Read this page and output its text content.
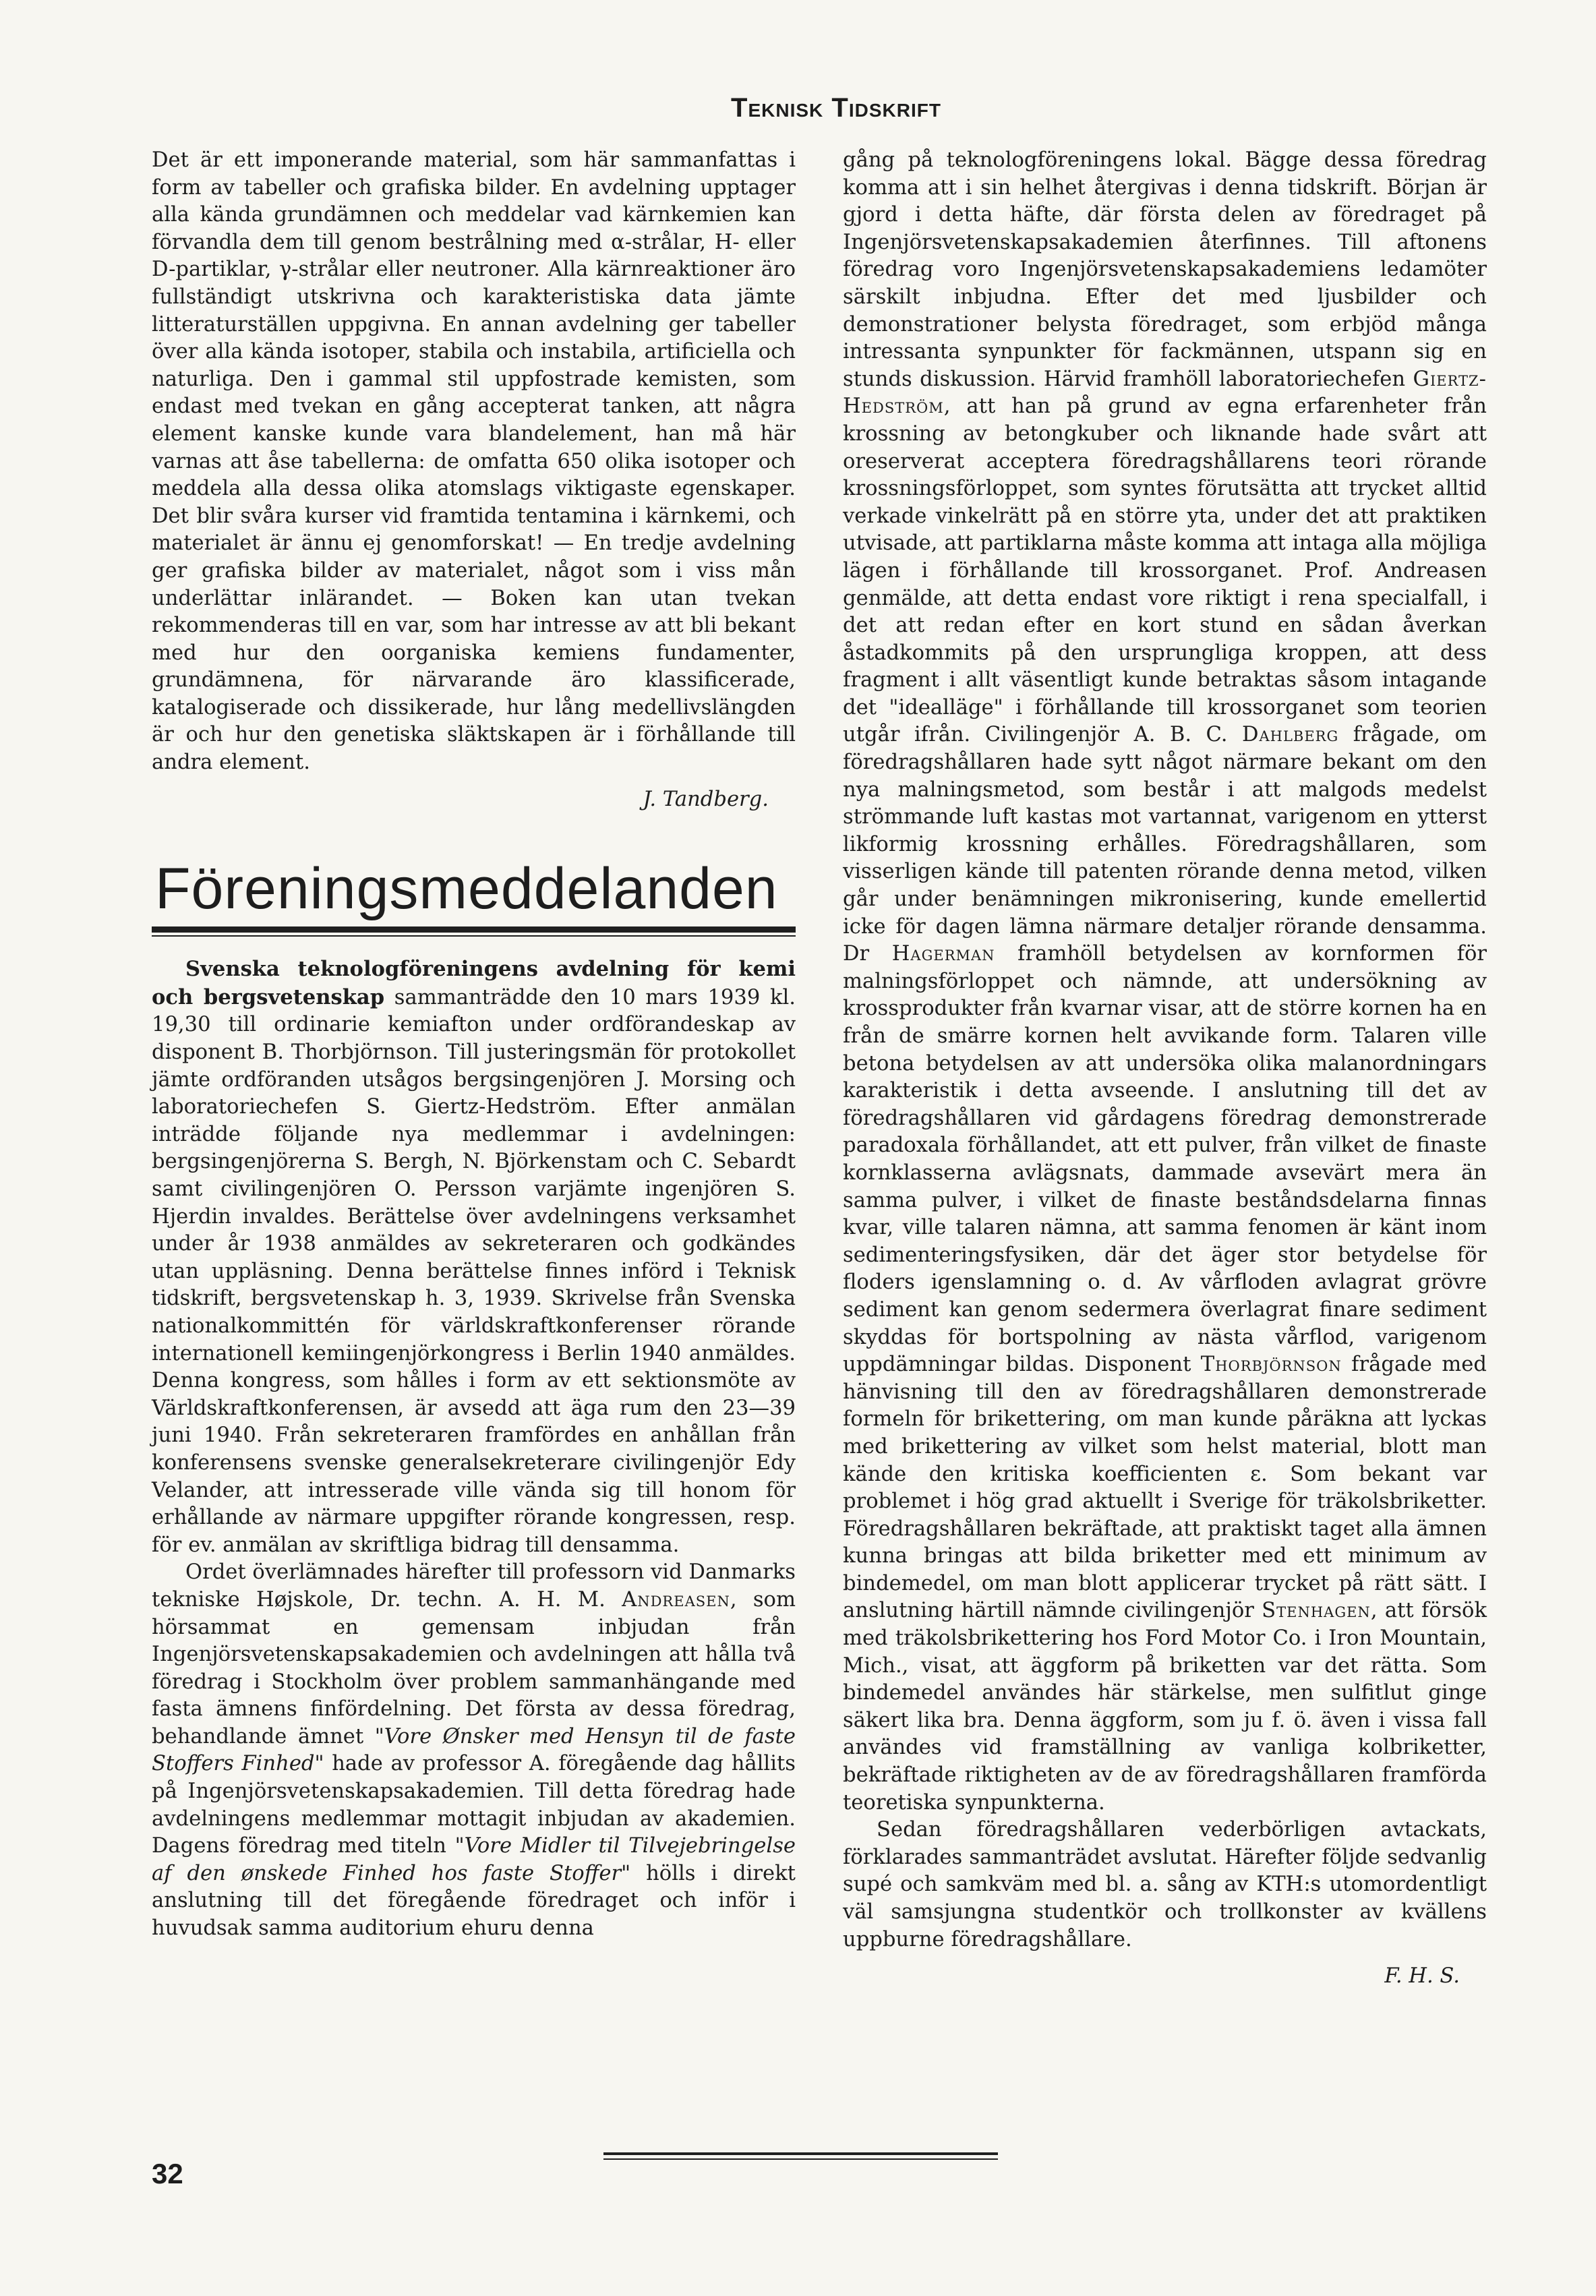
Teknisk Tidskrift

Det är ett imponerande material, som här sammanfattas i form av tabeller och grafiska bilder. En avdelning upptager alla kända grundämnen och meddelar vad kärnkemien kan förvandla dem till genom bestrålning med α-strålar, H- eller D-partiklar, γ-strålar eller neutroner. Alla kärnreaktioner äro fullständigt utskrivna och karakteristiska data jämte litteraturställen uppgivna. En annan avdelning ger tabeller över alla kända isotoper, stabila och instabila, artificiella och naturliga. Den i gammal stil uppfostrade kemisten, som endast med tvekan en gång accepterat tanken, att några element kanske kunde vara blandelement, han må här varnas att åse tabellerna: de omfatta 650 olika isotoper och meddela alla dessa olika atomslags viktigaste egenskaper. Det blir svåra kurser vid framtida tentamina i kärnkemi, och materialet är ännu ej genomforskat! — En tredje avdelning ger grafiska bilder av materialet, något som i viss mån underlättar inlärandet. — Boken kan utan tvekan rekommenderas till en var, som har intresse av att bli bekant med hur den oorganiska kemiens fundamenter, grundämnena, för närvarande äro klassificerade, katalogiserade och dissikerade, hur lång medellivslängden är och hur den genetiska släktskapen är i förhållande till andra element.

J. Tandberg.

Föreningsmeddelanden

Svenska teknologföreningens avdelning för kemi och bergsvetenskap sammanträdde den 10 mars 1939 kl. 19,30 till ordinarie kemiafton under ordförandeskap av disponent B. Thorbjörnson. Till justeringsmän för protokollet jämte ordföranden utsågos bergsingenjören J. Morsing och laboratoriechefen S. Giertz-Hedström. Efter anmälan inträdde följande nya medlemmar i avdelningen: bergsingenjörerna S. Bergh, N. Björkenstam och C. Sebardt samt civilingenjören O. Persson varjämte ingenjören S. Hjerdin invaldes. Berättelse över avdelningens verksamhet under år 1938 anmäldes av sekreteraren och godkändes utan uppläsning. Denna berättelse finnes införd i Teknisk tidskrift, bergsvetenskap h. 3, 1939. Skrivelse från Svenska nationalkommittén för världskraftkonferenser rörande internationell kemiingenjörkongress i Berlin 1940 anmäldes. Denna kongress, som hålles i form av ett sektionsmöte av Världskraftkonferensen, är avsedd att äga rum den 23—39 juni 1940. Från sekreteraren framfördes en anhållan från konferensens svenske generalsekreterare civilingenjör Edy Velander, att intresserade ville vända sig till honom för erhållande av närmare uppgifter rörande kongressen, resp. för ev. anmälan av skriftliga bidrag till densamma.

Ordet överlämnades härefter till professorn vid Danmarks tekniske Højskole, Dr. techn. A. H. M. Andreasen, som hörsammat en gemensam inbjudan från Ingenjörsvetenskapsakademien och avdelningen att hålla två föredrag i Stockholm över problem sammanhängande med fasta ämnens finfördelning. Det första av dessa föredrag, behandlande ämnet "Vore Ønsker med Hensyn til de faste Stoffers Finhed" hade av professor A. föregående dag hållits på Ingenjörsvetenskapsakademien. Till detta föredrag hade avdelningens medlemmar mottagit inbjudan av akademien. Dagens föredrag med titeln "Vore Midler til Tilvejebringelse af den ønskede Finhed hos faste Stoffer" hölls i direkt anslutning till det föregående föredraget och inför i huvudsak samma auditorium ehuru denna

gång på teknologföreningens lokal. Bägge dessa föredrag komma att i sin helhet återgivas i denna tidskrift. Början är gjord i detta häfte, där första delen av föredraget på Ingenjörsvetenskapsakademien återfinnes. Till aftonens föredrag voro Ingenjörsvetenskapsakademiens ledamöter särskilt inbjudna. Efter det med ljusbilder och demonstrationer belysta föredraget, som erbjöd många intressanta synpunkter för fackmännen, utspann sig en stunds diskussion. Härvid framhöll laboratoriechefen Giertz-Hedström, att han på grund av egna erfarenheter från krossning av betongkuber och liknande hade svårt att oreserverat acceptera föredragshållarens teori rörande krossningsförloppet, som syntes förutsätta att trycket alltid verkade vinkelrätt på en större yta, under det att praktiken utvisade, att partiklarna måste komma att intaga alla möjliga lägen i förhållande till krossorganet. Prof. Andreasen genmälde, att detta endast vore riktigt i rena specialfall, i det att redan efter en kort stund en sådan åverkan åstadkommits på den ursprungliga kroppen, att dess fragment i allt väsentligt kunde betraktas såsom intagande det "idealläge" i förhållande till krossorganet som teorien utgår ifrån. Civilingenjör A. B. C. Dahlberg frågade, om föredragshållaren hade sytt något närmare bekant om den nya malningsmetod, som består i att malgods medelst strömmande luft kastas mot vartannat, varigenom en ytterst likformig krossning erhålles. Föredragshållaren, som visserligen kände till patenten rörande denna metod, vilken går under benämningen mikronisering, kunde emellertid icke för dagen lämna närmare detaljer rörande densamma. Dr Hagerman framhöll betydelsen av kornformen för malningsförloppet och nämnde, att undersökning av krossprodukter från kvarnar visar, att de större kornen ha en från de smärre kornen helt avvikande form. Talaren ville betona betydelsen av att undersöka olika malanordningars karakteristik i detta avseende. I anslutning till det av föredragshållaren vid gårdagens föredrag demonstrerade paradoxala förhållandet, att ett pulver, från vilket de finaste kornklasserna avlägsnats, dammade avsevärt mera än samma pulver, i vilket de finaste beståndsdelarna finnas kvar, ville talaren nämna, att samma fenomen är känt inom sedimenteringsfysiken, där det äger stor betydelse för floders igenslamning o. d. Av vårfloden avlagrat grövre sediment kan genom sedermera överlagrat finare sediment skyddas för bortspolning av nästa vårflod, varigenom uppdämningar bildas. Disponent Thorbjörnson frågade med hänvisning till den av föredragshållaren demonstrerade formeln för brikettering, om man kunde påräkna att lyckas med brikettering av vilket som helst material, blott man kände den kritiska koefficienten ε. Som bekant var problemet i hög grad aktuellt i Sverige för träkolsbriketter. Föredragshållaren bekräftade, att praktiskt taget alla ämnen kunna bringas att bilda briketter med ett minimum av bindemedel, om man blott applicerar trycket på rätt sätt. I anslutning härtill nämnde civilingenjör Stenhagen, att försök med träkolsbrikettering hos Ford Motor Co. i Iron Mountain, Mich., visat, att äggform på briketten var det rätta. Som bindemedel användes här stärkelse, men sulfitlut ginge säkert lika bra. Denna äggform, som ju f. ö. även i vissa fall användes vid framställning av vanliga kolbriketter, bekräftade riktigheten av de av föredragshållaren framförda teoretiska synpunkterna.

Sedan föredragshållaren vederbörligen avtackats, förklarades sammanträdet avslutat. Härefter följde sedvanlig supé och samkväm med bl. a. sång av KTH:s utomordentligt väl samsjungna studentkör och trollkonster av kvällens uppburne föredragshållare.

F. H. S.

32
